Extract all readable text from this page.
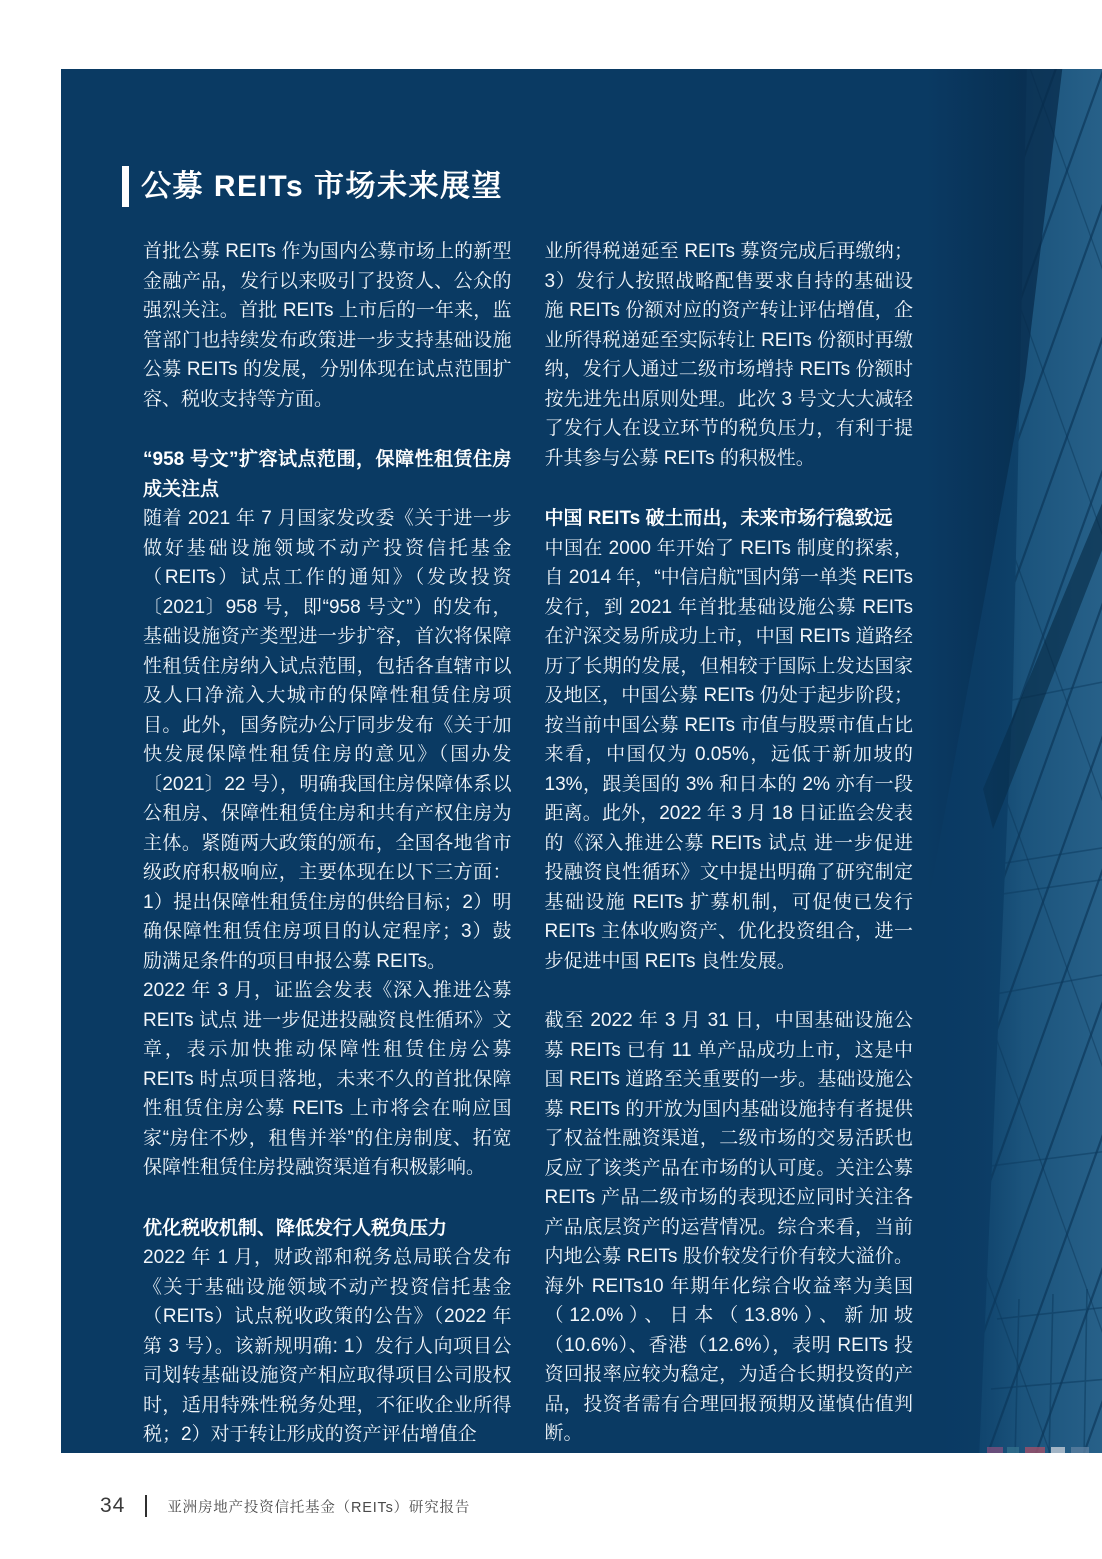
公募 REITs 市场未来展望

首批公募 REITs 作为国内公募市场上的新型金融产品，发行以来吸引了投资人、公众的强烈关注。首批 REITs 上市后的一年来，监管部门也持续发布政策进一步支持基础设施公募 REITs 的发展，分别体现在试点范围扩容、税收支持等方面。

“958 号文”扩容试点范围，保障性租赁住房成关注点

随着 2021 年 7 月国家发改委《关于进一步做好基础设施领域不动产投资信托基金（REITs）试点工作的通知》（发改投资〔2021〕958 号，即“958 号文”）的发布，基础设施资产类型进一步扩容，首次将保障性租赁住房纳入试点范围，包括各直辖市以及人口净流入大城市的保障性租赁住房项目。此外，国务院办公厅同步发布《关于加快发展保障性租赁住房的意见》（国办发〔2021〕22 号），明确我国住房保障体系以公租房、保障性租赁住房和共有产权住房为主体。紧随两大政策的颁布，全国各地省市级政府积极响应，主要体现在以下三方面：1）提出保障性租赁住房的供给目标；2）明确保障性租赁住房项目的认定程序；3）鼓励满足条件的项目申报公募 REITs。

2022 年 3 月，证监会发表《深入推进公募 REITs 试点 进一步促进投融资良性循环》文章，表示加快推动保障性租赁住房公募 REITs 时点项目落地，未来不久的首批保障性租赁住房公募 REITs 上市将会在响应国家“房住不炒，租售并举”的住房制度、拓宽保障性租赁住房投融资渠道有积极影响。

优化税收机制、降低发行人税负压力

2022 年 1 月，财政部和税务总局联合发布《关于基础设施领域不动产投资信托基金（REITs）试点税收政策的公告》（2022 年第 3 号）。该新规明确: 1）发行人向项目公司划转基础设施资产相应取得项目公司股权时，适用特殊性税务处理，不征收企业所得税；2）对于转让形成的资产评估增值企

业所得税递延至 REITs 募资完成后再缴纳；3）发行人按照战略配售要求自持的基础设施 REITs 份额对应的资产转让评估增值，企业所得税递延至实际转让 REITs 份额时再缴纳，发行人通过二级市场增持 REITs 份额时按先进先出原则处理。此次 3 号文大大减轻了发行人在设立环节的税负压力，有利于提升其参与公募 REITs 的积极性。

中国 REITs 破土而出，未来市场行稳致远

中国在 2000 年开始了 REITs 制度的探索，自 2014 年，“中信启航”国内第一单类 REITs 发行，到 2021 年首批基础设施公募 REITs 在沪深交易所成功上市，中国 REITs 道路经历了长期的发展，但相较于国际上发达国家及地区，中国公募 REITs 仍处于起步阶段；按当前中国公募 REITs 市值与股票市值占比来看，中国仅为 0.05%，远低于新加坡的 13%，跟美国的 3% 和日本的 2% 亦有一段距离。此外，2022 年 3 月 18 日证监会发表的《深入推进公募 REITs 试点 进一步促进投融资良性循环》文中提出明确了研究制定基础设施 REITs 扩募机制，可促使已发行 REITs 主体收购资产、优化投资组合，进一步促进中国 REITs 良性发展。

截至 2022 年 3 月 31 日，中国基础设施公募 REITs 已有 11 单产品成功上市，这是中国 REITs 道路至关重要的一步。基础设施公募 REITs 的开放为国内基础设施持有者提供了权益性融资渠道，二级市场的交易活跃也反应了该类产品在市场的认可度。关注公募 REITs 产品二级市场的表现还应同时关注各产品底层资产的运营情况。综合来看，当前内地公募 REITs 股价较发行价有较大溢价。海外 REITs10 年期年化综合收益率为美国（12.0%）、日本（13.8%）、新加坡（10.6%）、香港（12.6%），表明 REITs 投资回报率应较为稳定，为适合长期投资的产品，投资者需有合理回报预期及谨慎估值判断。

34	亚洲房地产投资信托基金（REITs）研究报告
